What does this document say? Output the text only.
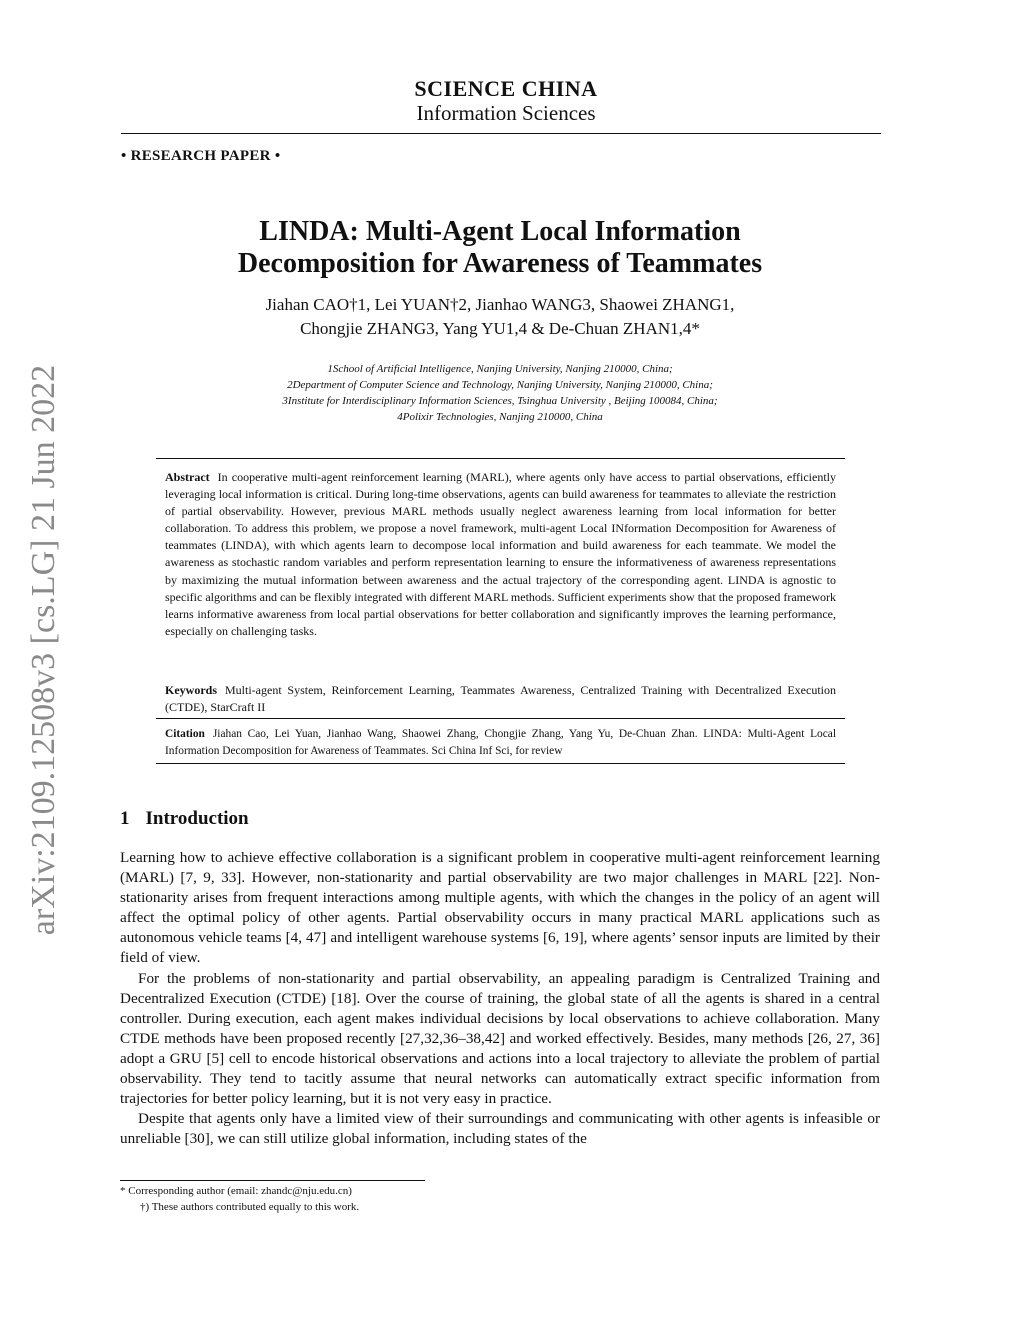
arXiv:2109.12508v3 [cs.LG] 21 Jun 2022
SCIENCE CHINA
Information Sciences
• RESEARCH PAPER •
LINDA: Multi-Agent Local Information
Decomposition for Awareness of Teammates
Jiahan CAO†1, Lei YUAN†2, Jianhao WANG3, Shaowei ZHANG1,
Chongjie ZHANG3, Yang YU1,4 & De-Chuan ZHAN1,4*
1School of Artificial Intelligence, Nanjing University, Nanjing 210000, China;
2Department of Computer Science and Technology, Nanjing University, Nanjing 210000, China;
3Institute for Interdisciplinary Information Sciences, Tsinghua University , Beijing 100084, China;
4Polixir Technologies, Nanjing 210000, China
Abstract In cooperative multi-agent reinforcement learning (MARL), where agents only have access to partial observations, efficiently leveraging local information is critical. During long-time observations, agents can build awareness for teammates to alleviate the restriction of partial observability. However, previous MARL methods usually neglect awareness learning from local information for better collaboration. To address this problem, we propose a novel framework, multi-agent Local INformation Decomposition for Awareness of teammates (LINDA), with which agents learn to decompose local information and build awareness for each teammate. We model the awareness as stochastic random variables and perform representation learning to ensure the informativeness of awareness representations by maximizing the mutual information between awareness and the actual trajectory of the corresponding agent. LINDA is agnostic to specific algorithms and can be flexibly integrated with different MARL methods. Sufficient experiments show that the proposed framework learns informative awareness from local partial observations for better collaboration and significantly improves the learning performance, especially on challenging tasks.
Keywords Multi-agent System, Reinforcement Learning, Teammates Awareness, Centralized Training with Decentralized Execution (CTDE), StarCraft II
Citation Jiahan Cao, Lei Yuan, Jianhao Wang, Shaowei Zhang, Chongjie Zhang, Yang Yu, De-Chuan Zhan. LINDA: Multi-Agent Local Information Decomposition for Awareness of Teammates. Sci China Inf Sci, for review
1 Introduction

Learning how to achieve effective collaboration is a significant problem in cooperative multi-agent reinforcement learning (MARL) [7, 9, 33]. However, non-stationarity and partial observability are two major challenges in MARL [22]. Non-stationarity arises from frequent interactions among multiple agents, with which the changes in the policy of an agent will affect the optimal policy of other agents. Partial observability occurs in many practical MARL applications such as autonomous vehicle teams [4, 47] and intelligent warehouse systems [6, 19], where agents’ sensor inputs are limited by their field of view.

For the problems of non-stationarity and partial observability, an appealing paradigm is Centralized Training and Decentralized Execution (CTDE) [18]. Over the course of training, the global state of all the agents is shared in a central controller. During execution, each agent makes individual decisions by local observations to achieve collaboration. Many CTDE methods have been proposed recently [27,32,36–38,42] and worked effectively. Besides, many methods [26, 27, 36] adopt a GRU [5] cell to encode historical observations and actions into a local trajectory to alleviate the problem of partial observability. They tend to tacitly assume that neural networks can automatically extract specific information from trajectories for better policy learning, but it is not very easy in practice.

Despite that agents only have a limited view of their surroundings and communicating with other agents is infeasible or unreliable [30], we can still utilize global information, including states of the

* Corresponding author (email: zhandc@nju.edu.cn)
†) These authors contributed equally to this work.
